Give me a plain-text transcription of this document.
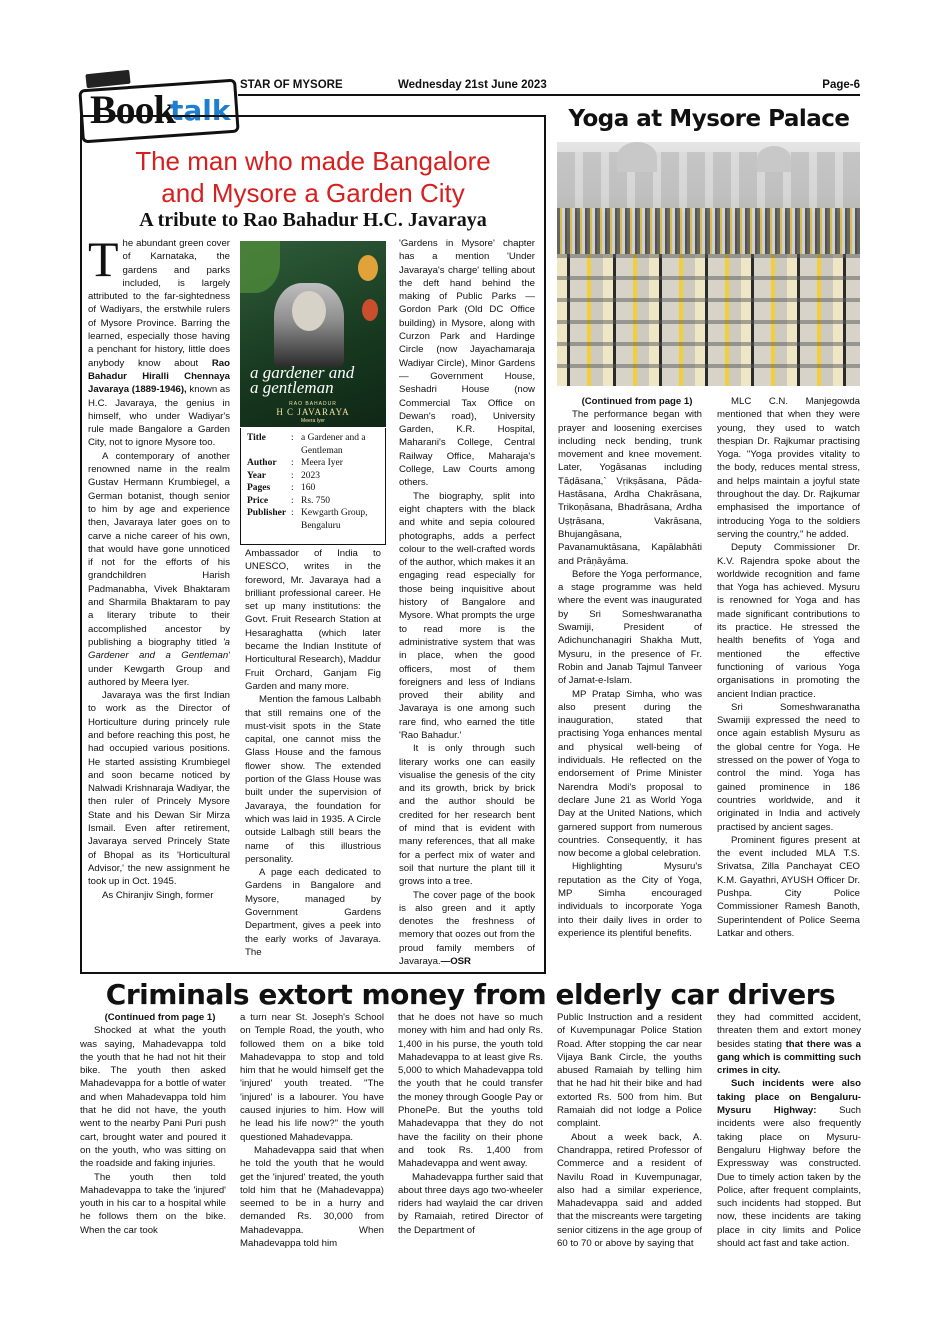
Book
talk
STAR OF MYSORE	Wednesday 21st June 2023	Page-6
The man who made Bangalore
and Mysore a Garden City
A tribute to Rao Bahadur H.C. Javaraya

The abundant green cover of Karnataka, the gardens and parks included, is largely attributed to the far-sightedness of Wadiyars, the erstwhile rulers of Mysore Province. Barring the learned, especially those having a penchant for history, little does anybody know about Rao Bahadur Hiralli Chennaya Javaraya (1889-1946), known as H.C. Javaraya, the genius in himself, who under Wadiyar's rule made Bangalore a Garden City, not to ignore Mysore too.

A contemporary of another renowned name in the realm Gustav Hermann Krumbiegel, a German botanist, though senior to him by age and experience then, Javaraya later goes on to carve a niche career of his own, that would have gone unnoticed if not for the efforts of his grandchildren Harish Padmanabha, Vivek Bhaktaram and Sharmila Bhaktaram to pay a literary tribute to their accomplished ancestor by publishing a biography titled 'a Gardener and a Gentleman' under Kewgarth Group and authored by Meera Iyer.

Javaraya was the first Indian to work as the Director of Horticulture during princely rule and before reaching this post, he had occupied various positions. He started assisting Krumbiegel and soon became noticed by Nalwadi Krishnaraja Wadiyar, the then ruler of Princely Mysore State and his Dewan Sir Mirza Ismail. Even after retirement, Javaraya served Princely State of Bhopal as its 'Horticultural Advisor,' the new assignment he took up in Oct. 1945.

As Chiranjiv Singh, former

a gardener and
a gentleman
RAO BAHADUR
H C JAVARAYA
Meera Iyer
Title	:	a Gardener and a Gentleman
Author	:	Meera Iyer
Year	:	2023
Pages	:	160
Price	:	Rs. 750
Publisher	:	Kewgarth Group, Bengaluru

Ambassador of India to UNESCO, writes in the foreword, Mr. Javaraya had a brilliant professional career. He set up many institutions: the Govt. Fruit Research Station at Hesaraghatta (which later became the Indian Institute of Horticultural Research), Maddur Fruit Orchard, Ganjam Fig Garden and many more.

Mention the famous Lalbabh that still remains one of the must-visit spots in the State capital, one cannot miss the Glass House and the famous flower show. The extended portion of the Glass House was built under the supervision of Javaraya, the foundation for which was laid in 1935. A Circle outside Lalbagh still bears the name of this illustrious personality.

A page each dedicated to Gardens in Bangalore and Mysore, managed by Government Gardens Department, gives a peek into the early works of Javaraya. The

'Gardens in Mysore' chapter has a mention 'Under Javaraya's charge' telling about the deft hand behind the making of Public Parks — Gordon Park (Old DC Office building) in Mysore, along with Curzon Park and Hardinge Circle (now Jayachamaraja Wadiyar Circle), Minor Gardens — Government House, Seshadri House (now Commercial Tax Office on Dewan's road), University Garden, K.R. Hospital, Maharani's College, Central Railway Office, Maharaja's College, Law Courts among others.

The biography, split into eight chapters with the black and white and sepia coloured photographs, adds a perfect colour to the well-crafted words of the author, which makes it an engaging read especially for those being inquisitive about history of Bangalore and Mysore. What prompts the urge to read more is the administrative system that was in place, when the good officers, most of them foreigners and less of Indians proved their ability and Javaraya is one among such rare find, who earned the title 'Rao Bahadur.'

It is only through such literary works one can easily visualise the genesis of the city and its growth, brick by brick and the author should be credited for her research bent of mind that is evident with many references, that all make for a perfect mix of water and soil that nurture the plant till it grows into a tree.

The cover page of the book is also green and it aptly denotes the freshness of memory that oozes out from the proud family members of Javaraya.—OSR

Yoga at Mysore Palace

(Continued from page 1)

The performance began with prayer and loosening exercises including neck bending, trunk movement and knee movement. Later, Yogāsanas including Tāḍāsana,` Vṛikṣāsana, Pāda-Hastāsana, Ardha Chakrāsana, Trikoṇāsana, Bhadrāsana, Ardha Uṣṭrāsana, Vakrāsana, Bhujangāsana, Pavanamuktāsana, Kapālabhāti and Prāṇāyāma.

Before the Yoga performance, a stage programme was held where the event was inaugurated by Sri Someshwaranatha Swamiji, President of Adichunchanagiri Shakha Mutt, Mysuru, in the presence of Fr. Robin and Janab Tajmul Tanveer of Jamat-e-Islam.

MP Pratap Simha, who was also present during the inauguration, stated that practising Yoga enhances mental and physical well-being of individuals. He reflected on the endorsement of Prime Minister Narendra Modi's proposal to declare June 21 as World Yoga Day at the United Nations, which garnered support from numerous countries. Consequently, it has now become a global celebration.

Highlighting Mysuru's reputation as the City of Yoga, MP Simha encouraged individuals to incorporate Yoga into their daily lives in order to experience its plentiful benefits.

MLC C.N. Manjegowda mentioned that when they were young, they used to watch thespian Dr. Rajkumar practising Yoga. "Yoga provides vitality to the body, reduces mental stress, and helps maintain a joyful state throughout the day. Dr. Rajkumar emphasised the importance of introducing Yoga to the soldiers serving the country," he added.

Deputy Commissioner Dr. K.V. Rajendra spoke about the worldwide recognition and fame that Yoga has achieved. Mysuru is renowned for Yoga and has made significant contributions to its practice. He stressed the health benefits of Yoga and mentioned the effective functioning of various Yoga organisations in promoting the ancient Indian practice.

Sri Someshwaranatha Swamiji expressed the need to once again establish Mysuru as the global centre for Yoga. He stressed on the power of Yoga to control the mind. Yoga has gained prominence in 186 countries worldwide, and it originated in India and actively practised by ancient sages.

Prominent figures present at the event included MLA T.S. Srivatsa, Zilla Panchayat CEO K.M. Gayathri, AYUSH Officer Dr. Pushpa. City Police Commissioner Ramesh Banoth, Superintendent of Police Seema Latkar and others.

Criminals extort money from elderly car drivers

(Continued from page 1)

Shocked at what the youth was saying, Mahadevappa told the youth that he had not hit their bike. The youth then asked Mahadevappa for a bottle of water and when Mahadevappa told him that he did not have, the youth went to the nearby Pani Puri push cart, brought water and poured it on the youth, who was sitting on the roadside and faking injuries.

The youth then told Mahadevappa to take the 'injured' youth in his car to a hospital while he follows them on the bike. When the car took

a turn near St. Joseph's School on Temple Road, the youth, who followed them on a bike told Mahadevappa to stop and told him that he would himself get the 'injured' youth treated. "The 'injured' is a labourer. You have caused injuries to him. How will he lead his life now?" the youth questioned Mahadevappa.

Mahadevappa said that when he told the youth that he would get the 'injured' treated, the youth told him that he (Mahadevappa) seemed to be in a hurry and demanded Rs. 30,000 from Mahadevappa. When Mahadevappa told him

that he does not have so much money with him and had only Rs. 1,400 in his purse, the youth told Mahadevappa to at least give Rs. 5,000 to which Mahadevappa told the youth that he could transfer the money through Google Pay or PhonePe. But the youths told Mahadevappa that they do not have the facility on their phone and took Rs. 1,400 from Mahadevappa and went away.

Mahadevappa further said that about three days ago two-wheeler riders had waylaid the car driven by Ramaiah, retired Director of the Department of

Public Instruction and a resident of Kuvempunagar Police Station Road. After stopping the car near Vijaya Bank Circle, the youths abused Ramaiah by telling him that he had hit their bike and had extorted Rs. 500 from him. But Ramaiah did not lodge a Police complaint.

About a week back, A. Chandrappa, retired Professor of Commerce and a resident of Navilu Road in Kuvempunagar, also had a similar experience, Mahadevappa said and added that the miscreants were targeting senior citizens in the age group of 60 to 70 or above by saying that

they had committed accident, threaten them and extort money besides stating that there was a gang which is committing such crimes in city.

Such incidents were also taking place on Bengaluru-Mysuru Highway: Such incidents were also frequently taking place on Mysuru-Bengaluru Highway before the Expressway was constructed. Due to timely action taken by the Police, after frequent complaints, such incidents had stopped. But now, these incidents are taking place in city limits and Police should act fast and take action.
